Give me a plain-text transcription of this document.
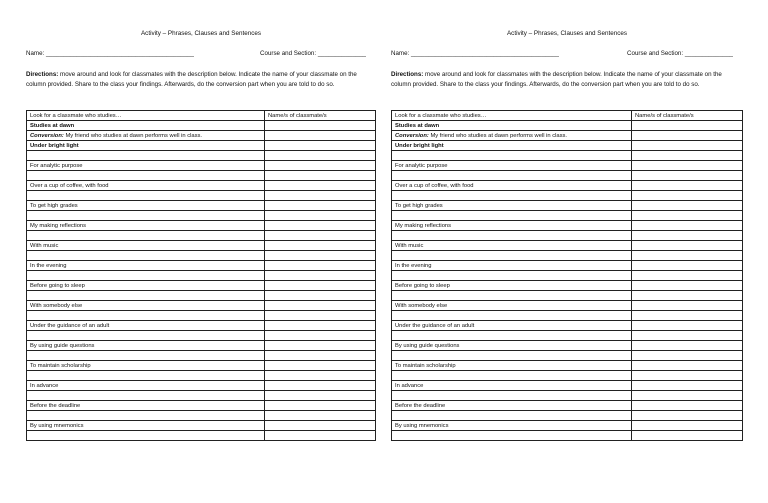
Activity – Phrases, Clauses and Sentences
Name: ___________________________________________	Course and Section: ______________
Directions: move around and look for classmates with the description below. Indicate the name of your classmate on the column provided. Share to the class your findings. Afterwards, do the conversion part when you are told to do so.
Look for a classmate who studies…	Name/s of classmate/s
Studies at dawn	
Conversion: My friend who studies at dawn performs well in class.	
Under bright light	

For analytic purpose	

Over a cup of coffee, with food	

To get high grades	

My making reflections	

With music	

In the evening	

Before going to sleep	

With somebody else	

Under the guidance of an adult	

By using guide questions	

To maintain scholarship	

In advance	

Before the deadline	

By using mnemonics	

Activity – Phrases, Clauses and Sentences
Name: ___________________________________________	Course and Section: ______________
Directions: move around and look for classmates with the description below. Indicate the name of your classmate on the column provided. Share to the class your findings. Afterwards, do the conversion part when you are told to do so.
Look for a classmate who studies…	Name/s of classmate/s
Studies at dawn	
Conversion: My friend who studies at dawn performs well in class.	
Under bright light	

For analytic purpose	

Over a cup of coffee, with food	

To get high grades	

My making reflections	

With music	

In the evening	

Before going to sleep	

With somebody else	

Under the guidance of an adult	

By using guide questions	

To maintain scholarship	

In advance	

Before the deadline	

By using mnemonics	
